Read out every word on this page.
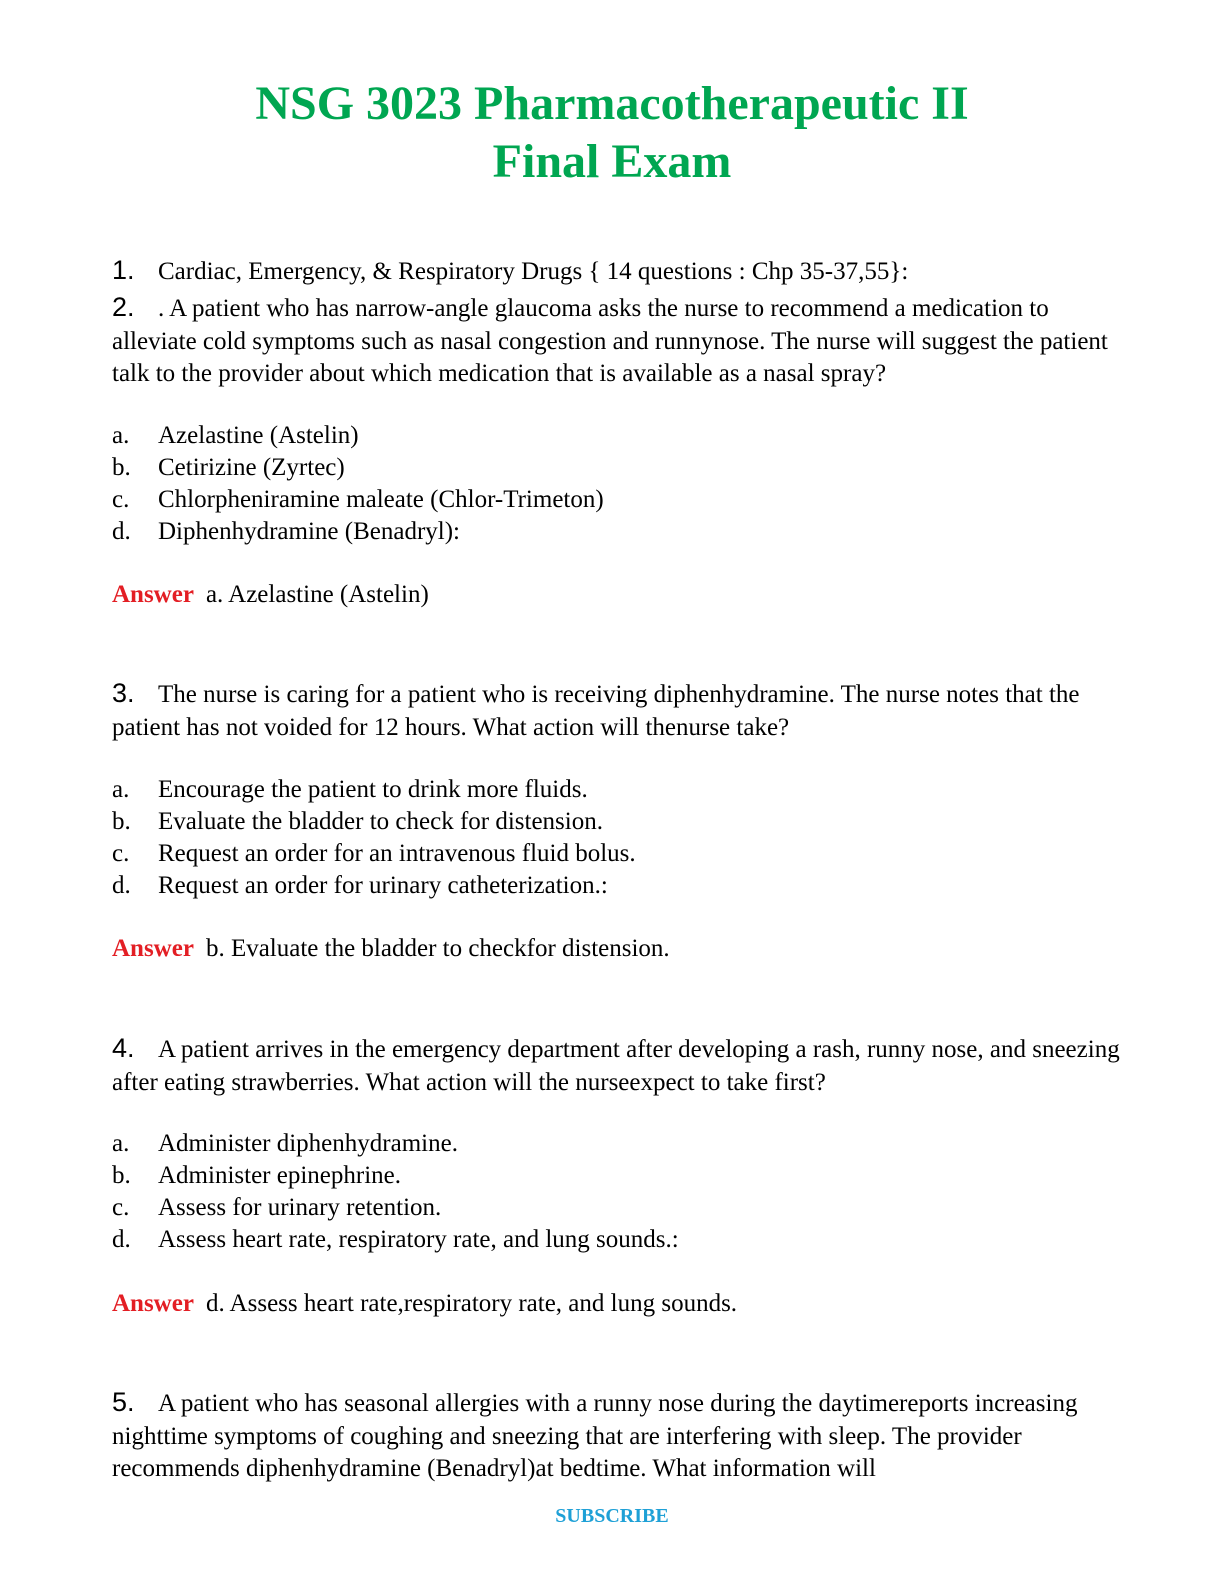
NSG 3023 Pharmacotherapeutic II
Final Exam
1. Cardiac, Emergency, & Respiratory Drugs { 14 questions : Chp 35-37,55}:
2. . A patient who has narrow-angle glaucoma asks the nurse to recommend a medication to alleviate cold symptoms such as nasal congestion and runnynose. The nurse will suggest the patient talk to the provider about which medication that is available as a nasal spray?
a. Azelastine (Astelin)
b. Cetirizine (Zyrtec)
c. Chlorpheniramine maleate (Chlor-Trimeton)
d. Diphenhydramine (Benadryl):
Answer a. Azelastine (Astelin)
3. The nurse is caring for a patient who is receiving diphenhydramine. The nurse notes that the patient has not voided for 12 hours. What action will thenurse take?
a. Encourage the patient to drink more fluids.
b. Evaluate the bladder to check for distension.
c. Request an order for an intravenous fluid bolus.
d. Request an order for urinary catheterization.:
Answer b. Evaluate the bladder to checkfor distension.
4. A patient arrives in the emergency department after developing a rash, runny nose, and sneezing after eating strawberries. What action will the nurseexpect to take first?
a. Administer diphenhydramine.
b. Administer epinephrine.
c. Assess for urinary retention.
d. Assess heart rate, respiratory rate, and lung sounds.:
Answer d. Assess heart rate,respiratory rate, and lung sounds.
5. A patient who has seasonal allergies with a runny nose during the daytimereports increasing nighttime symptoms of coughing and sneezing that are interfering with sleep. The provider recommends diphenhydramine (Benadryl)at bedtime. What information will
SUBSCRIBE
